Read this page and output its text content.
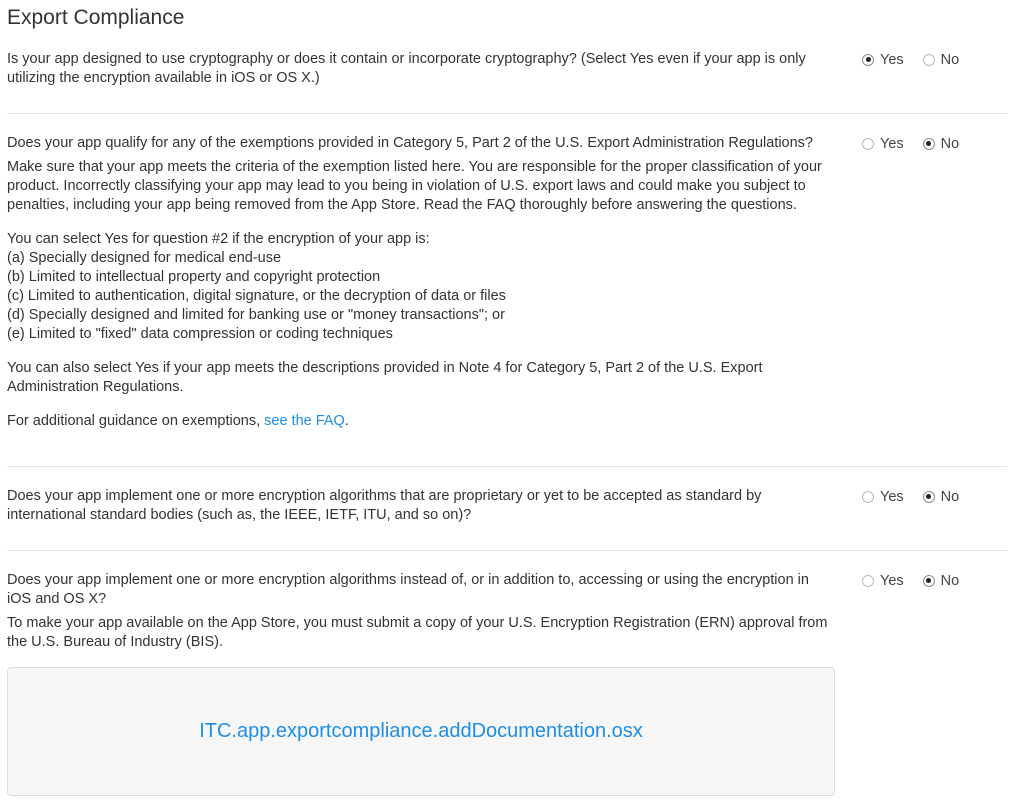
Export Compliance

Is your app designed to use cryptography or does it contain or incorporate cryptography? (Select Yes even if your app is only utilizing the encryption available in iOS or OS X.)

Yes	No

Does your app qualify for any of the exemptions provided in Category 5, Part 2 of the U.S. Export Administration Regulations?

Make sure that your app meets the criteria of the exemption listed here. You are responsible for the proper classification of your product. Incorrectly classifying your app may lead to you being in violation of U.S. export laws and could make you subject to penalties, including your app being removed from the App Store. Read the FAQ thoroughly before answering the questions.

You can select Yes for question #2 if the encryption of your app is:

(a) Specially designed for medical end-use

(b) Limited to intellectual property and copyright protection

(c) Limited to authentication, digital signature, or the decryption of data or files

(d) Specially designed and limited for banking use or "money transactions"; or

(e) Limited to "fixed" data compression or coding techniques

You can also select Yes if your app meets the descriptions provided in Note 4 for Category 5, Part 2 of the U.S. Export Administration Regulations.

For additional guidance on exemptions, see the FAQ.

Yes	No

Does your app implement one or more encryption algorithms that are proprietary or yet to be accepted as standard by international standard bodies (such as, the IEEE, IETF, ITU, and so on)?

Yes	No

Does your app implement one or more encryption algorithms instead of, or in addition to, accessing or using the encryption in iOS and OS X?

To make your app available on the App Store, you must submit a copy of your U.S. Encryption Registration (ERN) approval from the U.S. Bureau of Industry (BIS).

Yes	No
ITC.app.exportcompliance.addDocumentation.osx
